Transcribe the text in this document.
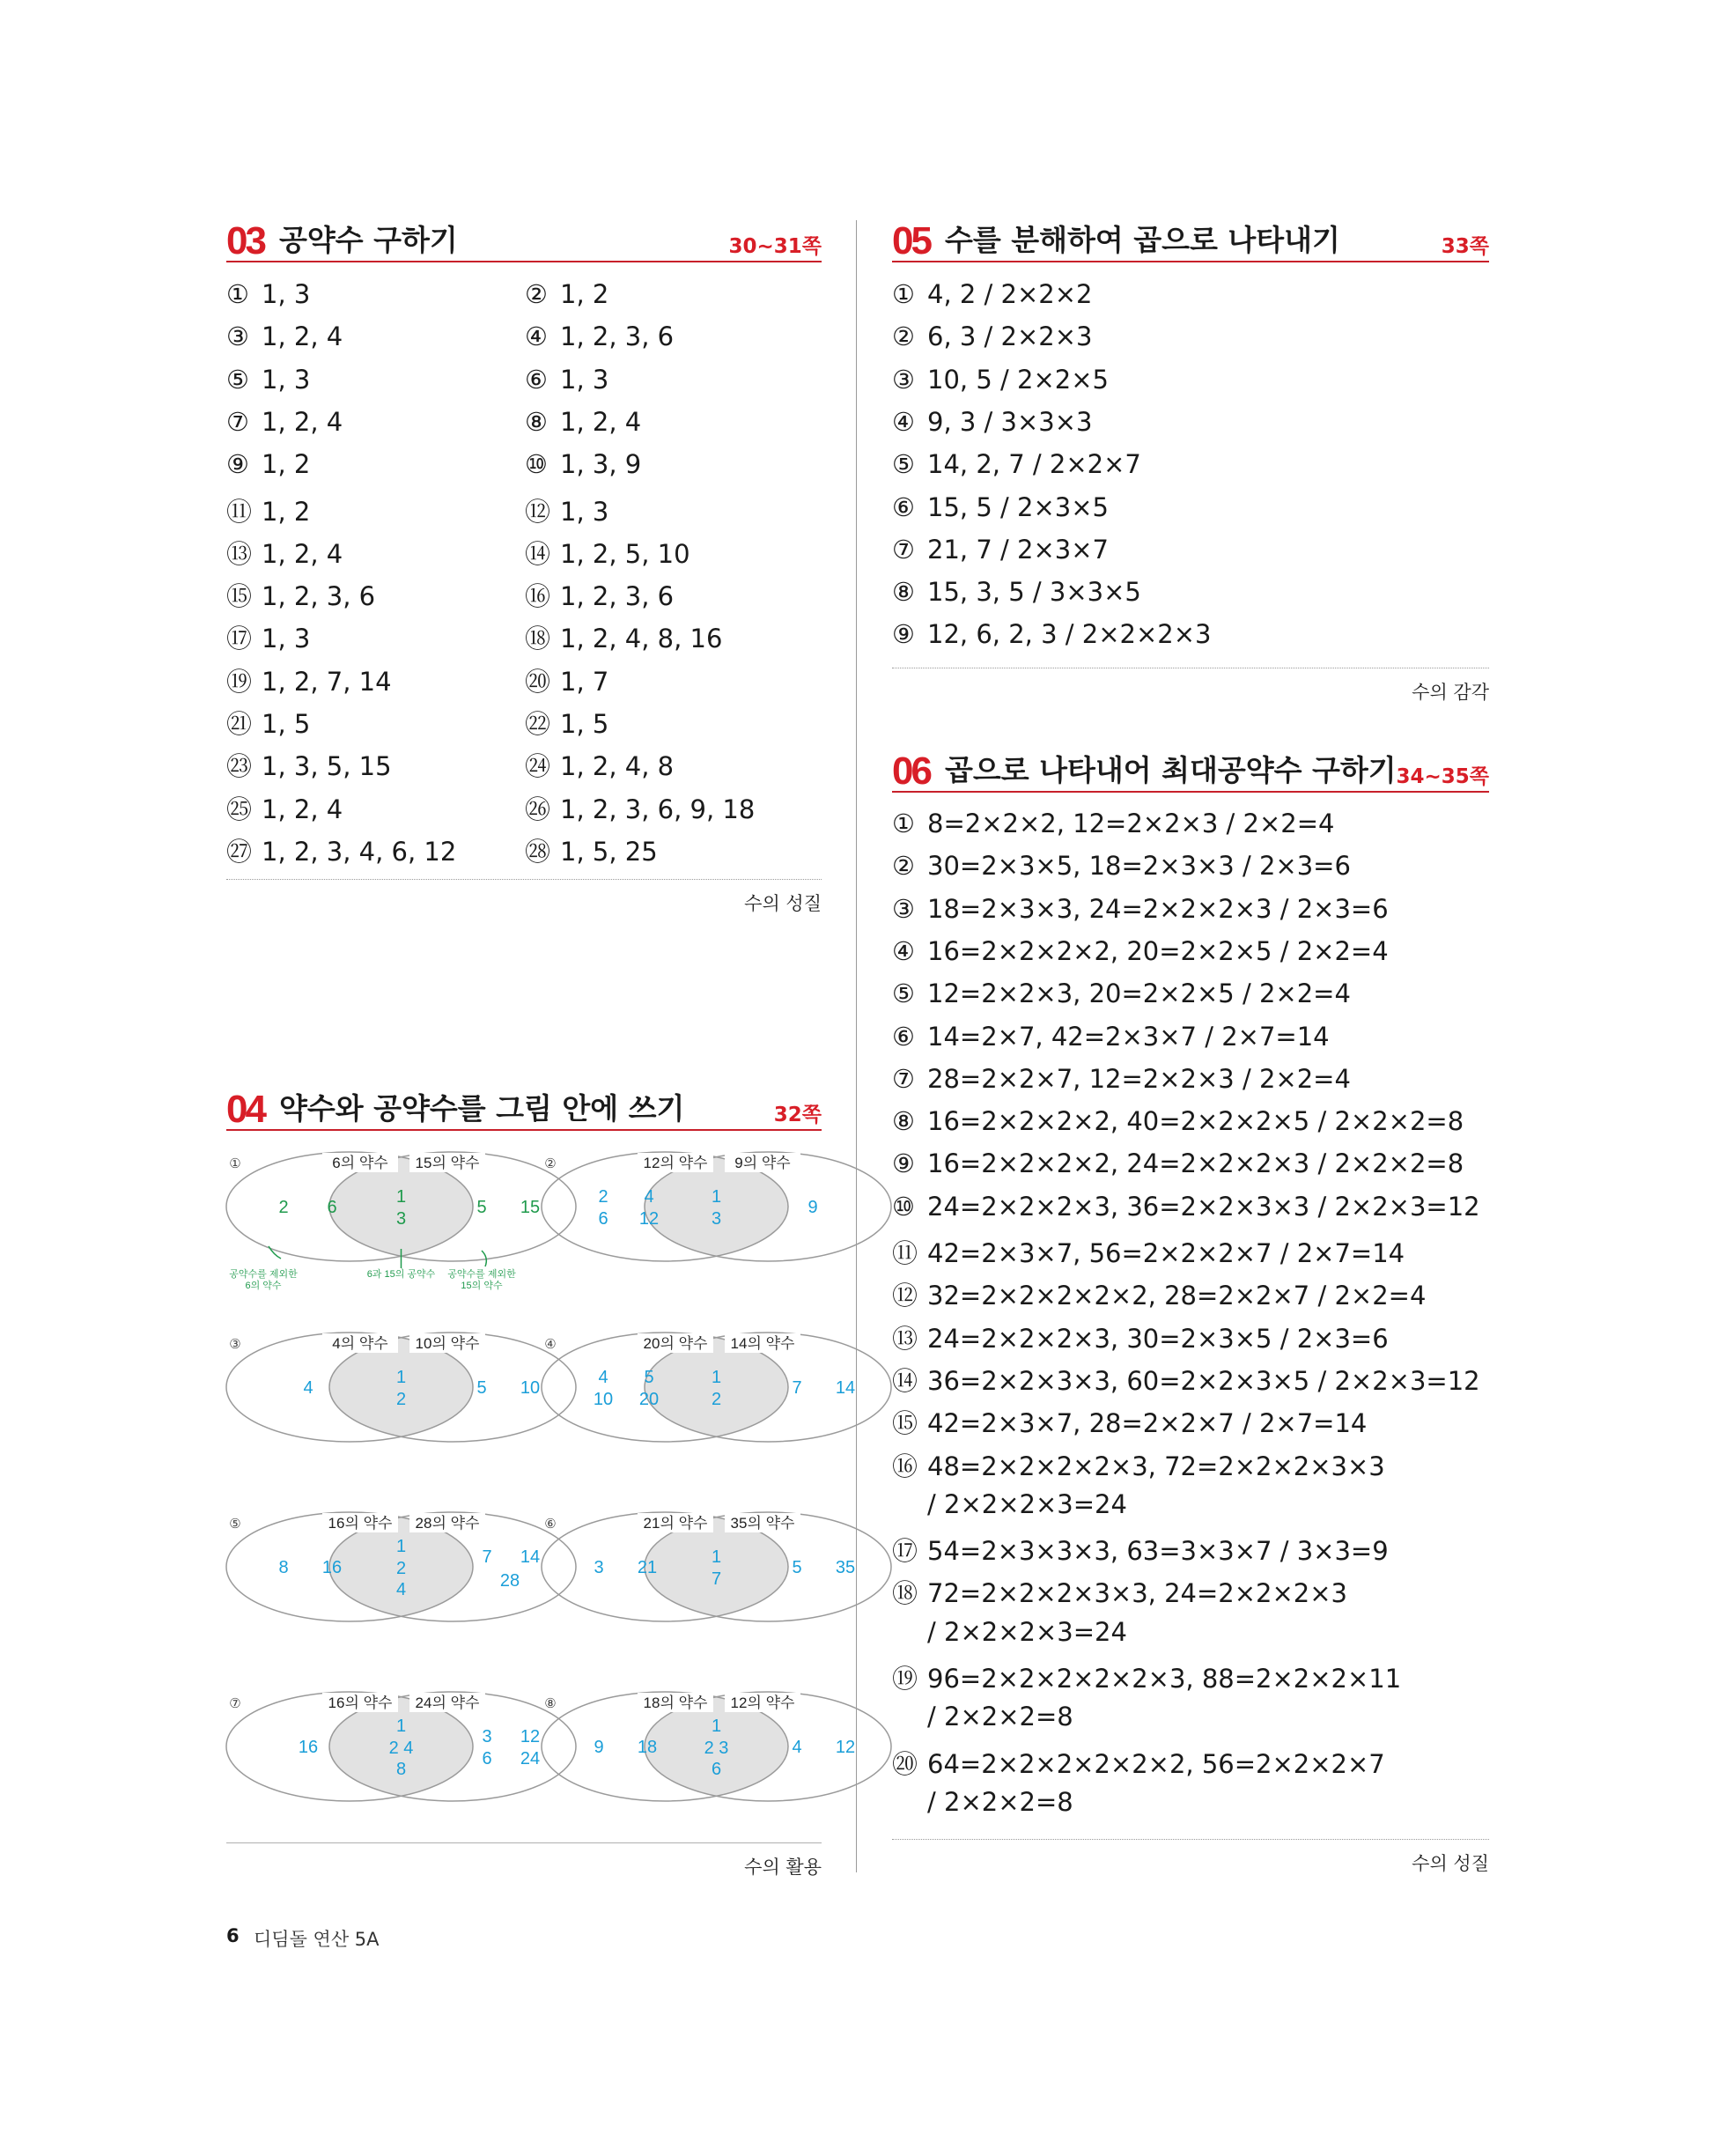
03 공약수 구하기	30~31쪽
① 1, 3	② 1, 2
③ 1, 2, 4	④ 1, 2, 3, 6
⑤ 1, 3	⑥ 1, 3
⑦ 1, 2, 4	⑧ 1, 2, 4
⑨ 1, 2	⑩ 1, 3, 9
⑪ 1, 2	⑫ 1, 3
⑬ 1, 2, 4	⑭ 1, 2, 5, 10
⑮ 1, 2, 3, 6	⑯ 1, 2, 3, 6
⑰ 1, 3	⑱ 1, 2, 4, 8, 16
⑲ 1, 2, 7, 14	⑳ 1, 7
㉑ 1, 5	㉒ 1, 5
㉓ 1, 3, 5, 15	㉔ 1, 2, 4, 8
㉕ 1, 2, 4	㉖ 1, 2, 3, 6, 9, 18
㉗ 1, 2, 3, 4, 6, 12	㉘ 1, 5, 25
수의 성질
04 약수와 공약수를 그림 안에 쓰기	32쪽
①	6의 약수 15의 약수
2 6
1
3
5 15
공약수를 제외한 6의 약수
6과 15의 공약수 공약수를 제외한 15의 약수
②	12의 약수 9의 약수
2 4
6 12
1
3
9
③	4의 약수 10의 약수
4
1
2
5 10
④	20의 약수 14의 약수
4 5
10 20
1
2
7 14
⑤	16의 약수 28의 약수
8 16
1
2
4
7 14
28
⑥	21의 약수 35의 약수
3 21
1
7
5 35
⑦	16의 약수 24의 약수
16
1
2 4
8
3 12
6 24
⑧	18의 약수 12의 약수
9 18
1
2 3
6
4 12
수의 활용
05 수를 분해하여 곱으로 나타내기	33쪽
① 4, 2 / 2×2×2
② 6, 3 / 2×2×3
③ 10, 5 / 2×2×5
④ 9, 3 / 3×3×3
⑤ 14, 2, 7 / 2×2×7
⑥ 15, 5 / 2×3×5
⑦ 21, 7 / 2×3×7
⑧ 15, 3, 5 / 3×3×5
⑨ 12, 6, 2, 3 / 2×2×2×3
수의 감각
06 곱으로 나타내어 최대공약수 구하기 34~35쪽
① 8=2×2×2, 12=2×2×3 / 2×2=4
② 30=2×3×5, 18=2×3×3 / 2×3=6
③ 18=2×3×3, 24=2×2×2×3 / 2×3=6
④ 16=2×2×2×2, 20=2×2×5 / 2×2=4
⑤ 12=2×2×3, 20=2×2×5 / 2×2=4
⑥ 14=2×7, 42=2×3×7 / 2×7=14
⑦ 28=2×2×7, 12=2×2×3 / 2×2=4
⑧ 16=2×2×2×2, 40=2×2×2×5 / 2×2×2=8
⑨ 16=2×2×2×2, 24=2×2×2×3 / 2×2×2=8
⑩ 24=2×2×2×3, 36=2×2×3×3 / 2×2×3=12
⑪ 42=2×3×7, 56=2×2×2×7 / 2×7=14
⑫ 32=2×2×2×2×2, 28=2×2×7 / 2×2=4
⑬ 24=2×2×2×3, 30=2×3×5 / 2×3=6
⑭ 36=2×2×3×3, 60=2×2×3×5 / 2×2×3=12
⑮ 42=2×3×7, 28=2×2×7 / 2×7=14
⑯ 48=2×2×2×2×3, 72=2×2×2×3×3
/ 2×2×2×3=24
⑰ 54=2×3×3×3, 63=3×3×7 / 3×3=9
⑱ 72=2×2×2×3×3, 24=2×2×2×3
/ 2×2×2×3=24
⑲ 96=2×2×2×2×2×3, 88=2×2×2×11
/ 2×2×2=8
⑳ 64=2×2×2×2×2×2, 56=2×2×2×7
/ 2×2×2=8
수의 성질
6 디딤돌 연산 5A
